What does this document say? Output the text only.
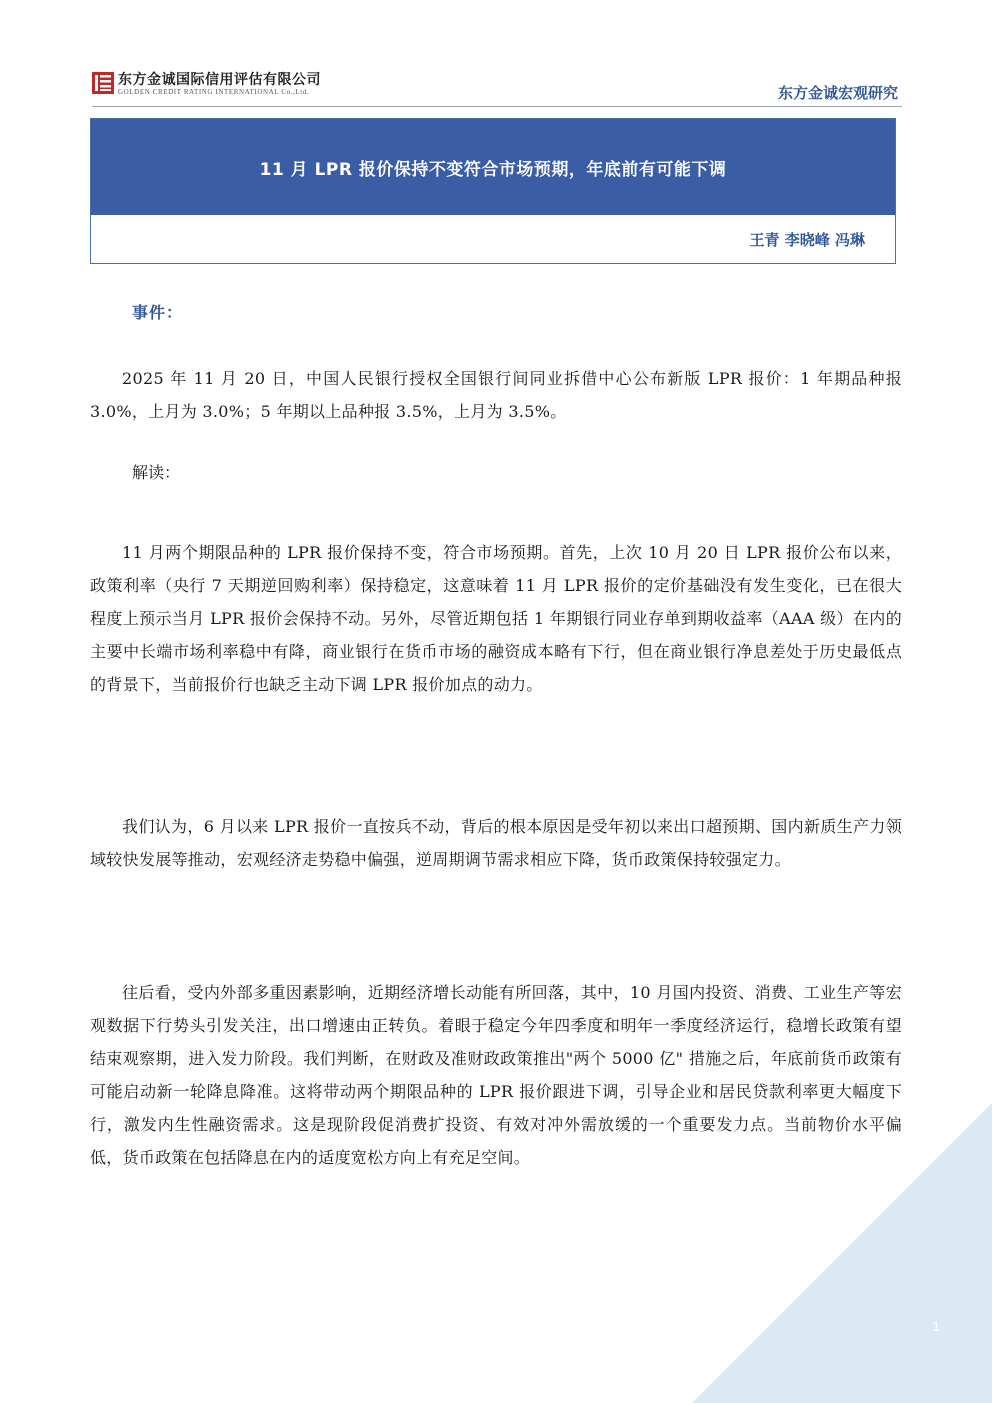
东方金诚国际信用评估有限公司
GOLDEN CREDIT RATING INTERNATIONAL Co.,Ltd.	东方金诚宏观研究
11 月 LPR 报价保持不变符合市场预期，年底前有可能下调
王青 李晓峰 冯琳
事件：
2025 年 11 月 20 日，中国人民银行授权全国银行间同业拆借中心公布新版 LPR 报价：1 年期品种报 3.0%，上月为 3.0%；5 年期以上品种报 3.5%，上月为 3.5%。
解读：
11 月两个期限品种的 LPR 报价保持不变，符合市场预期。首先，上次 10 月 20 日 LPR 报价公布以来，政策利率（央行 7 天期逆回购利率）保持稳定，这意味着 11 月 LPR 报价的定价基础没有发生变化，已在很大程度上预示当月 LPR 报价会保持不动。另外，尽管近期包括 1 年期银行同业存单到期收益率（AAA 级）在内的主要中长端市场利率稳中有降，商业银行在货币市场的融资成本略有下行，但在商业银行净息差处于历史最低点的背景下，当前报价行也缺乏主动下调 LPR 报价加点的动力。
我们认为，6 月以来 LPR 报价一直按兵不动，背后的根本原因是受年初以来出口超预期、国内新质生产力领域较快发展等推动，宏观经济走势稳中偏强，逆周期调节需求相应下降，货币政策保持较强定力。
往后看，受内外部多重因素影响，近期经济增长动能有所回落，其中，10 月国内投资、消费、工业生产等宏观数据下行势头引发关注，出口增速由正转负。着眼于稳定今年四季度和明年一季度经济运行，稳增长政策有望结束观察期，进入发力阶段。我们判断，在财政及准财政政策推出"两个 5000 亿" 措施之后，年底前货币政策有可能启动新一轮降息降准。这将带动两个期限品种的 LPR 报价跟进下调，引导企业和居民贷款利率更大幅度下行，激发内生性融资需求。这是现阶段促消费扩投资、有效对冲外需放缓的一个重要发力点。当前物价水平偏低，货币政策在包括降息在内的适度宽松方向上有充足空间。
1
